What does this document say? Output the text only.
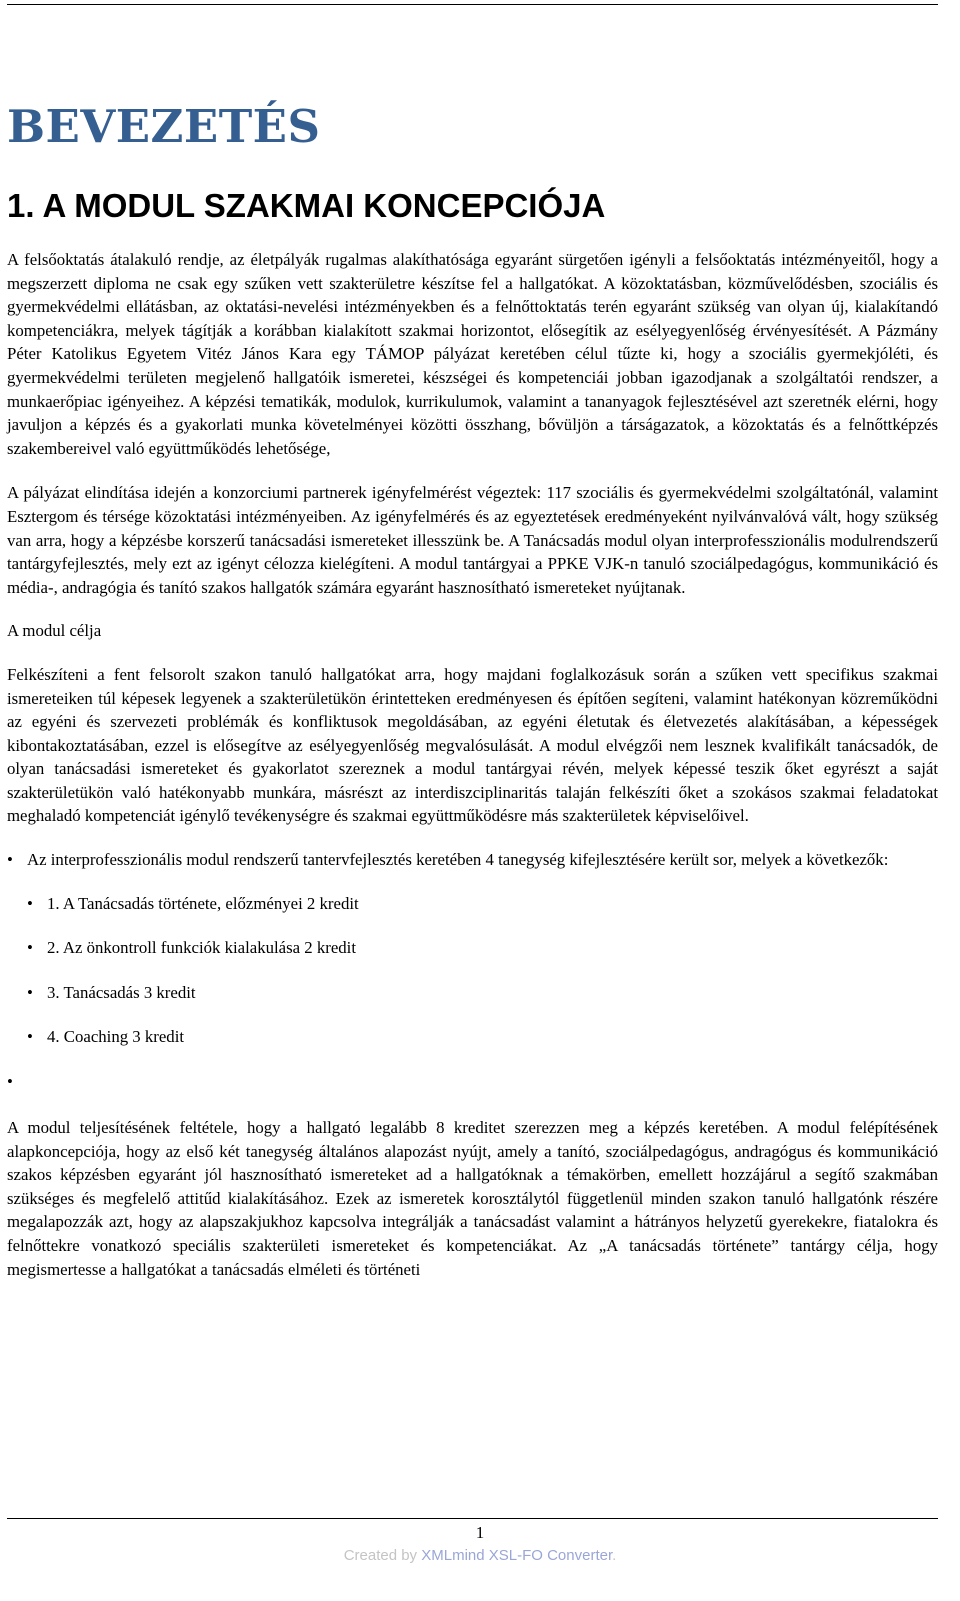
BEVEZETÉS
1. A MODUL SZAKMAI KONCEPCIÓJA

A felsőoktatás átalakuló rendje, az életpályák rugalmas alakíthatósága egyaránt sürgetően igényli a felsőoktatás intézményeitől, hogy a megszerzett diploma ne csak egy szűken vett szakterületre készítse fel a hallgatókat. A közoktatásban, közművelődésben, szociális és gyermekvédelmi ellátásban, az oktatási-nevelési intézményekben és a felnőttoktatás terén egyaránt szükség van olyan új, kialakítandó kompetenciákra, melyek tágítják a korábban kialakított szakmai horizontot, elősegítik az esélyegyenlőség érvényesítését. A Pázmány Péter Katolikus Egyetem Vitéz János Kara egy TÁMOP pályázat keretében célul tűzte ki, hogy a szociális gyermekjóléti, és gyermekvédelmi területen megjelenő hallgatóik ismeretei, készségei és kompetenciái jobban igazodjanak a szolgáltatói rendszer, a munkaerőpiac igényeihez. A képzési tematikák, modulok, kurrikulumok, valamint a tananyagok fejlesztésével azt szeretnék elérni, hogy javuljon a képzés és a gyakorlati munka követelményei közötti összhang, bővüljön a társágazatok, a közoktatás és a felnőttképzés szakembereivel való együttműködés lehetősége,

A pályázat elindítása idején a konzorciumi partnerek igényfelmérést végeztek: 117 szociális és gyermekvédelmi szolgáltatónál, valamint Esztergom és térsége közoktatási intézményeiben. Az igényfelmérés és az egyeztetések eredményeként nyilvánvalóvá vált, hogy szükség van arra, hogy a képzésbe korszerű tanácsadási ismereteket illesszünk be. A Tanácsadás modul olyan interprofesszionális modulrendszerű tantárgyfejlesztés, mely ezt az igényt célozza kielégíteni. A modul tantárgyai a PPKE VJK-n tanuló szociálpedagógus, kommunikáció és média-, andragógia és tanító szakos hallgatók számára egyaránt hasznosítható ismereteket nyújtanak.

A modul célja

Felkészíteni a fent felsorolt szakon tanuló hallgatókat arra, hogy majdani foglalkozásuk során a szűken vett specifikus szakmai ismereteiken túl képesek legyenek a szakterületükön érintetteken eredményesen és építően segíteni, valamint hatékonyan közreműködni az egyéni és szervezeti problémák és konfliktusok megoldásában, az egyéni életutak és életvezetés alakításában, a képességek kibontakoztatásában, ezzel is elősegítve az esélyegyenlőség megvalósulását. A modul elvégzői nem lesznek kvalifikált tanácsadók, de olyan tanácsadási ismereteket és gyakorlatot szereznek a modul tantárgyai révén, melyek képessé teszik őket egyrészt a saját szakterületükön való hatékonyabb munkára, másrészt az interdiszciplinaritás talaján felkészíti őket a szokásos szakmai feladatokat meghaladó kompetenciát igénylő tevékenységre és szakmai együttműködésre más szakterületek képviselőivel.

• Az interprofesszionális modul rendszerű tantervfejlesztés keretében 4 tanegység kifejlesztésére került sor, melyek a következők:
• 1. A Tanácsadás története, előzményei 2 kredit
• 2. Az önkontroll funkciók kialakulása 2 kredit
• 3. Tanácsadás 3 kredit
• 4. Coaching 3 kredit
•

A modul teljesítésének feltétele, hogy a hallgató legalább 8 kreditet szerezzen meg a képzés keretében. A modul felépítésének alapkoncepciója, hogy az első két tanegység általános alapozást nyújt, amely a tanító, szociálpedagógus, andragógus és kommunikáció szakos képzésben egyaránt jól hasznosítható ismereteket ad a hallgatóknak a témakörben, emellett hozzájárul a segítő szakmában szükséges és megfelelő attitűd kialakításához. Ezek az ismeretek korosztálytól függetlenül minden szakon tanuló hallgatónk részére megalapozzák azt, hogy az alapszakjukhoz kapcsolva integrálják a tanácsadást valamint a hátrányos helyzetű gyerekekre, fiatalokra és felnőttekre vonatkozó speciális szakterületi ismereteket és kompetenciákat. Az „A tanácsadás története” tantárgy célja, hogy megismertesse a hallgatókat a tanácsadás elméleti és történeti

1
Created by XMLmind XSL-FO Converter.
